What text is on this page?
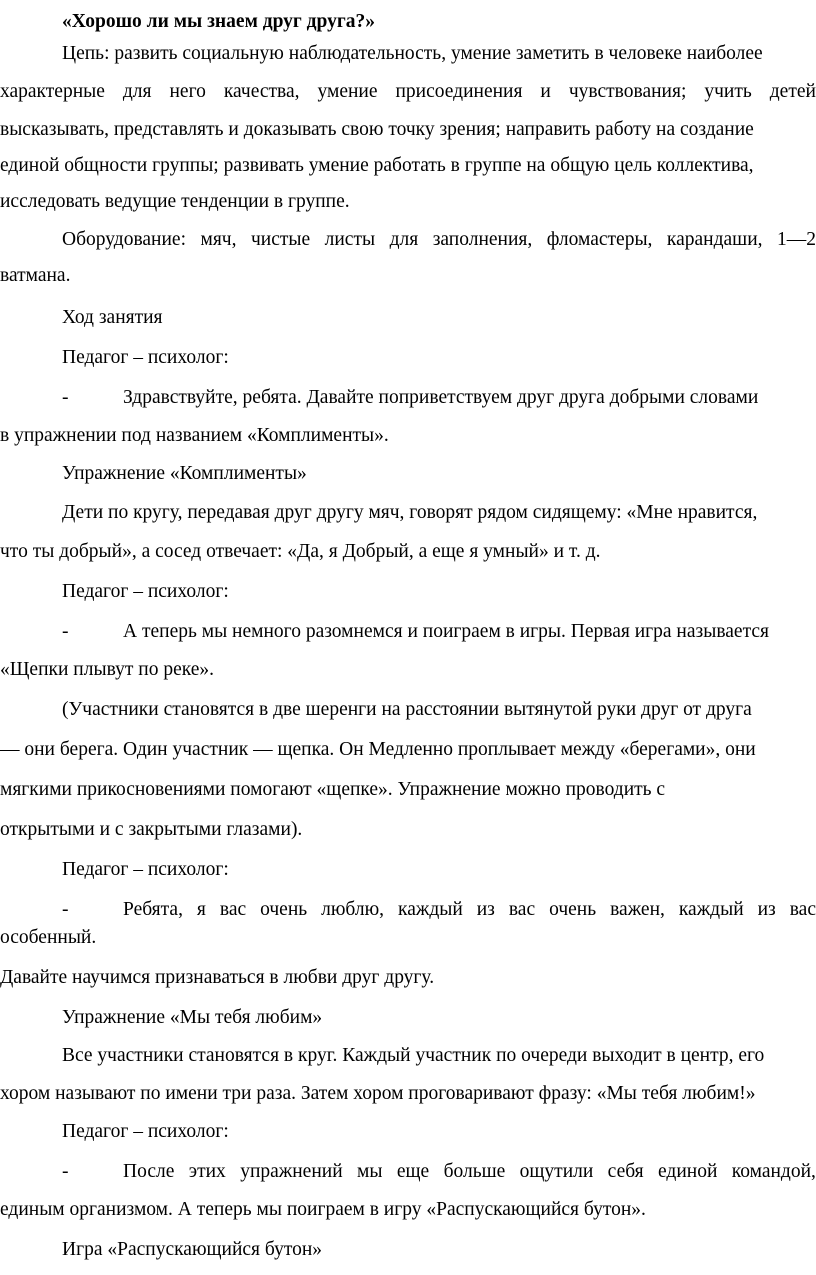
«Хорошо ли мы знаем друг друга?»
Цепь: развить социальную наблюдательность, умение заметить в человеке наиболее
характерные для него качества, умение присоединения и чувствования; учить детей
высказывать, представлять и доказывать свою точку зрения; направить работу на создание
единой общности группы; развивать умение работать в группе на общую цель коллектива,
исследовать ведущие тенденции в группе.
Оборудование: мяч, чистые листы для заполнения, фломастеры, карандаши, 1—2
ватмана.
Ход занятия
Педагог – психолог:
-	Здравствуйте, ребята. Давайте поприветствуем друг друга добрыми словами
в упражнении под названием «Комплименты».
Упражнение «Комплименты»
Дети по кругу, передавая друг другу мяч, говорят рядом сидящему: «Мне нравится,
что ты добрый», а сосед отвечает: «Да, я Добрый, а еще я умный» и т. д.
Педагог – психолог:
-	А теперь мы немного разомнемся и поиграем в игры. Первая игра называется
«Щепки плывут по реке».
(Участники становятся в две шеренги на расстоянии вытянутой руки друг от друга
— они берега. Один участник — щепка. Он Медленно проплывает между «берегами», они
мягкими прикосновениями помогают «щепке». Упражнение можно проводить с
открытыми и с закрытыми глазами).
Педагог – психолог:
-	Ребята, я вас очень люблю, каждый из вас очень важен, каждый из вас
особенный.
Давайте научимся признаваться в любви друг другу.
Упражнение «Мы тебя любим»
Все участники становятся в круг. Каждый участник по очереди выходит в центр, его
хором называют по имени три раза. Затем хором проговаривают фразу: «Мы тебя любим!»
Педагог – психолог:
-	После этих упражнений мы еще больше ощутили себя единой командой,
единым организмом. А теперь мы поиграем в игру «Распускающийся бутон».
Игра «Распускающийся бутон»
